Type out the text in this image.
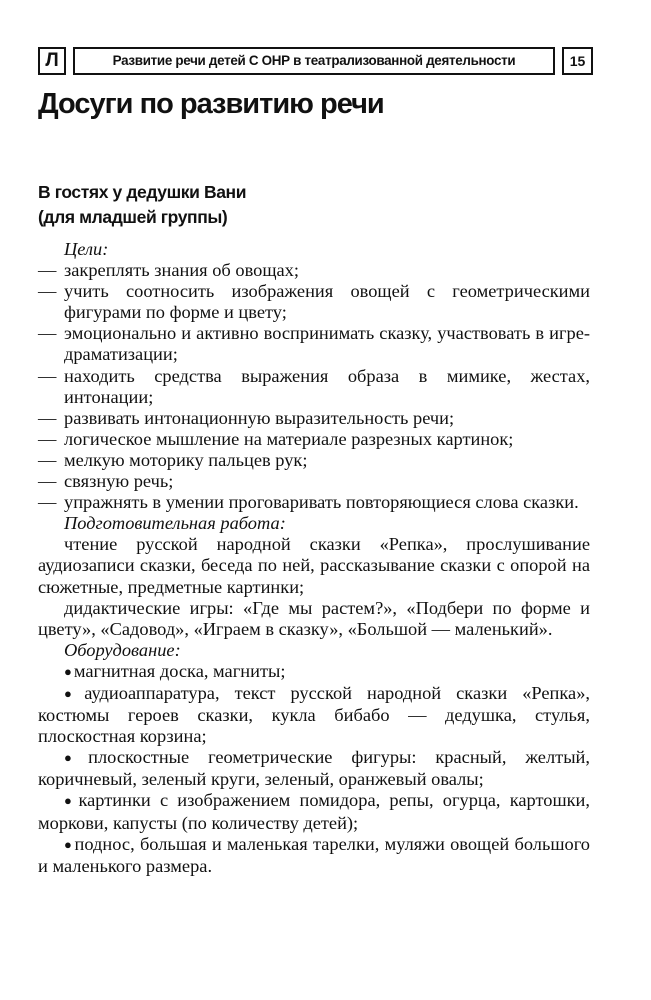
Л	Развитие речи детей С ОНР в театрализованной деятельности	15
Досуги по развитию речи
В гостях у дедушки Вани
(для младшей группы)

Цели:

— закреплять знания об овощах;

— учить соотносить изображения овощей с геометрическими фигурами по форме и цвету;

— эмоционально и активно воспринимать сказку, участвовать в игре-драматизации;

— находить средства выражения образа в мимике, жестах, интонации;

— развивать интонационную выразительность речи;

— логическое мышление на материале разрезных картинок;

— мелкую моторику пальцев рук;

— связную речь;

— упражнять в умении проговаривать повторяющиеся слова сказки.

Подготовительная работа:

чтение русской народной сказки «Репка», прослушивание аудиозаписи сказки, беседа по ней, рассказывание сказки с опорой на сюжетные, предметные картинки;

дидактические игры: «Где мы растем?», «Подбери по форме и цвету», «Садовод», «Играем в сказку», «Большой — маленький».

Оборудование:

● магнитная доска, магниты;

● аудиоаппаратура, текст русской народной сказки «Репка», костюмы героев сказки, кукла бибабо — дедушка, стулья, плоскостная корзина;

● плоскостные геометрические фигуры: красный, желтый, коричневый, зеленый круги, зеленый, оранжевый овалы;

● картинки с изображением помидора, репы, огурца, картошки, моркови, капусты (по количеству детей);

● поднос, большая и маленькая тарелки, муляжи овощей большого и маленького размера.
